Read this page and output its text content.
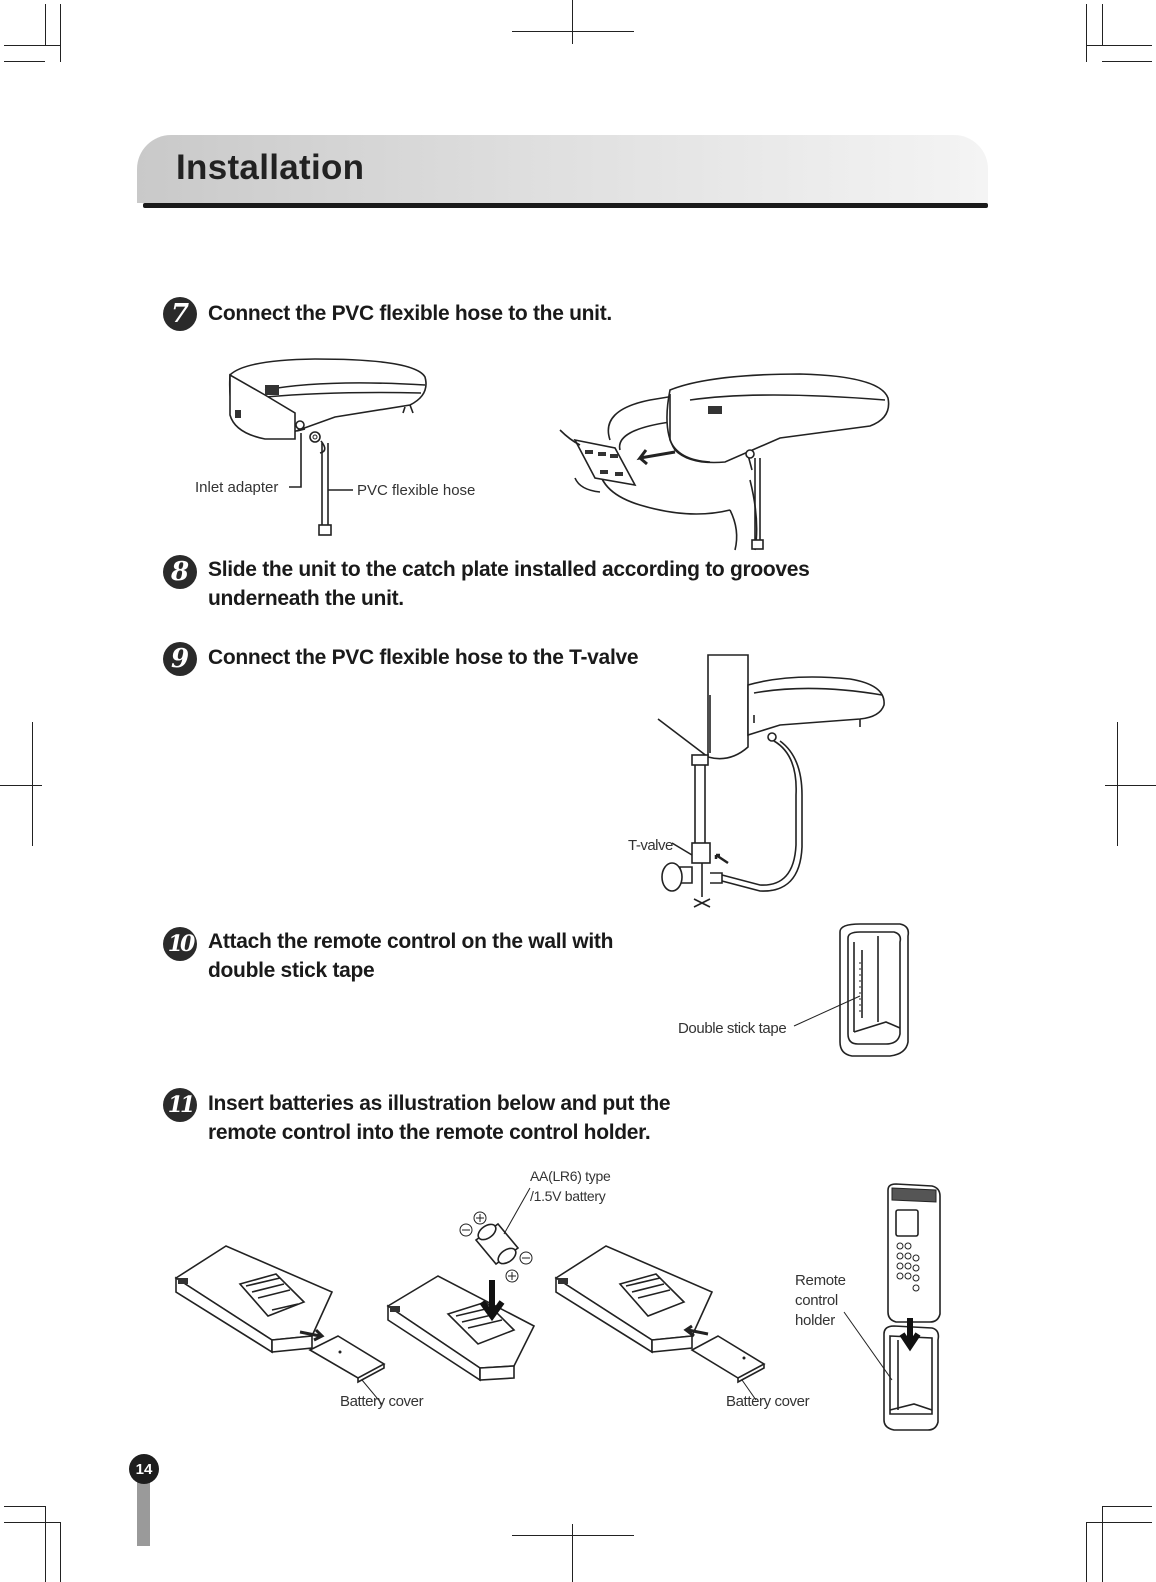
Installation
7 Connect the PVC flexible hose to the unit.
Inlet adapter	PVC flexible hose
8 Slide the unit to the catch plate installed according to grooves
underneath the unit.
9 Connect the PVC flexible hose to the T-valve
T-valve
10 Attach the remote control on the wall with
double stick tape
Double stick tape
11 Insert batteries as illustration below and put the
remote control into the remote control holder.
AA(LR6) type
/1.5V battery
Battery cover	Battery cover
Remote
control
holder
14
